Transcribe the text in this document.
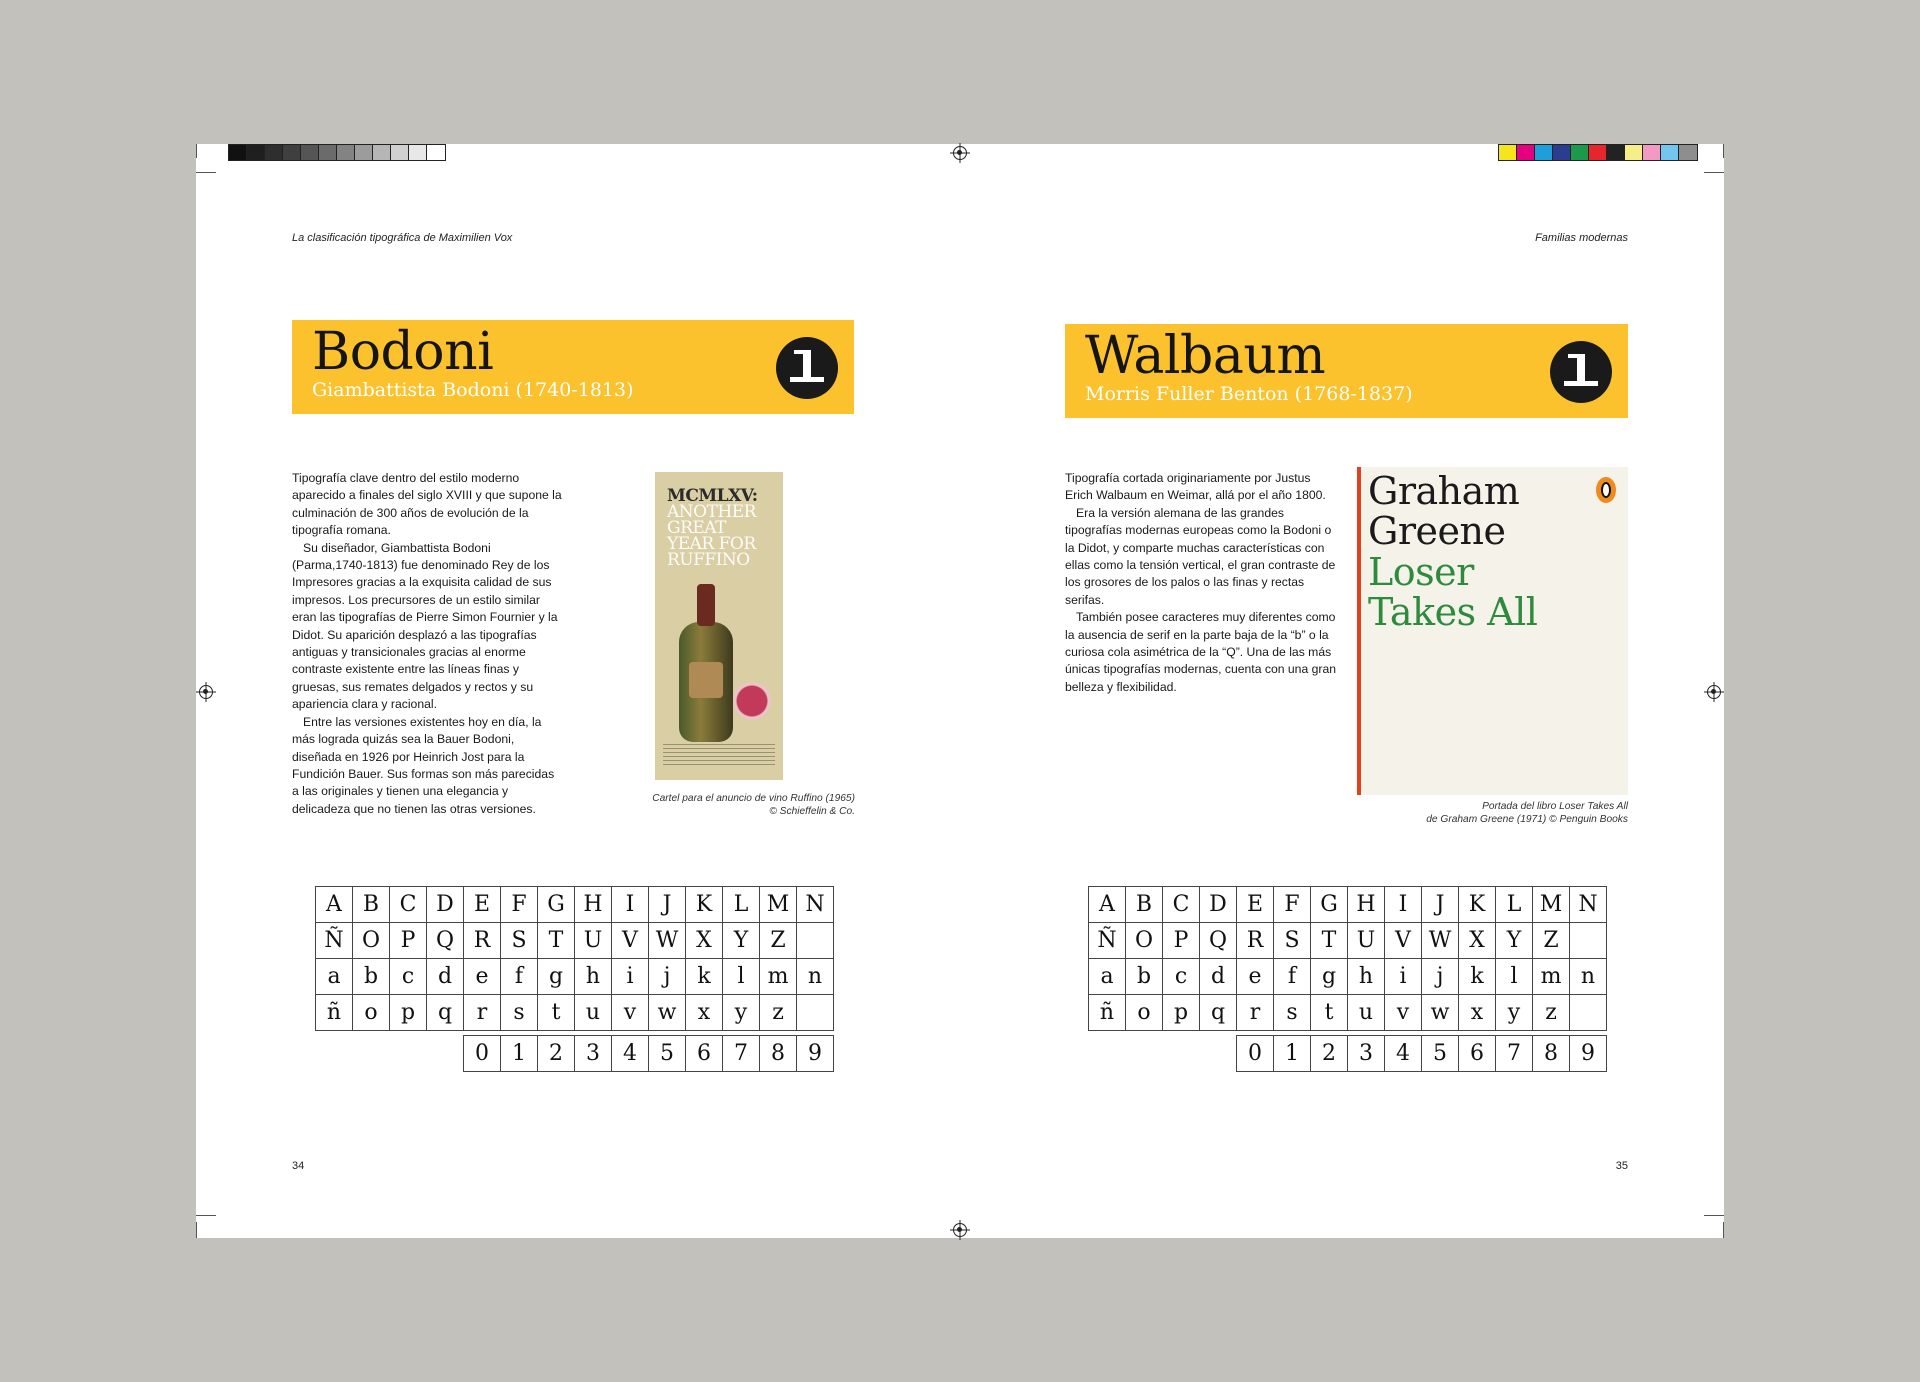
La clasificación tipográfica de Maximilien Vox
Bodoni
Giambattista Bodoni (1740-1813)

Tipografía clave dentro del estilo moderno aparecido a finales del siglo XVIII y que supone la culminación de 300 años de evolución de la tipografía romana.

Su diseñador, Giambattista Bodoni (Parma,1740-1813) fue denominado Rey de los Impresores gracias a la exquisita calidad de sus impresos. Los precursores de un estilo similar eran las tipografías de Pierre Simon Fournier y la Didot. Su aparición desplazó a las tipografías antiguas y transicionales gracias al enorme contraste existente entre las líneas finas y gruesas, sus remates delgados y rectos y su apariencia clara y racional.

Entre las versiones existentes hoy en día, la más lograda quizás sea la Bauer Bodoni, diseñada en 1926 por Heinrich Jost para la Fundición Bauer. Sus formas son más parecidas a las originales y tienen una elegancia y delicadeza que no tienen las otras versiones.

MCMLXV:
ANOTHER
GREAT
YEAR FOR
RUFFINO
Cartel para el anuncio de vino Ruffino (1965)
© Schieffelin & Co.
A B C D E F G H	I	J	K L M N
Ñ O P Q R S	T U V W X Y	Z
a	b	c	d	e	f	g	h	i	j	k	l	m n
ñ	o	p	q	r	s	t	u	v w x	y	z
0	1	2	3	4	5	6	7	8	9
34
Familias modernas
Walbaum
Morris Fuller Benton (1768-1837)

Tipografía cortada originariamente por Justus Erich Walbaum en Weimar, allá por el año 1800.

Era la versión alemana de las grandes tipografías modernas europeas como la Bodoni o la Didot, y comparte muchas características con ellas como la tensión vertical, el gran contraste de los grosores de los palos o las finas y rectas serifas.

También posee caracteres muy diferentes como la ausencia de serif en la parte baja de la “b” o la curiosa cola asimétrica de la “Q”. Una de las más únicas tipografías modernas, cuenta con una gran belleza y flexibilidad.

Graham
Greene
Loser
Takes All
Portada del libro Loser Takes All
de Graham Greene (1971) © Penguin Books
A B C D E F G H	I	J	K L M N
Ñ O P Q R S	T U V W X Y	Z
a	b	c	d	e	f	g	h	i	j	k	l	m n
ñ	o	p	q	r	s	t	u	v w x	y	z
0	1	2	3	4	5	6	7	8	9
35
